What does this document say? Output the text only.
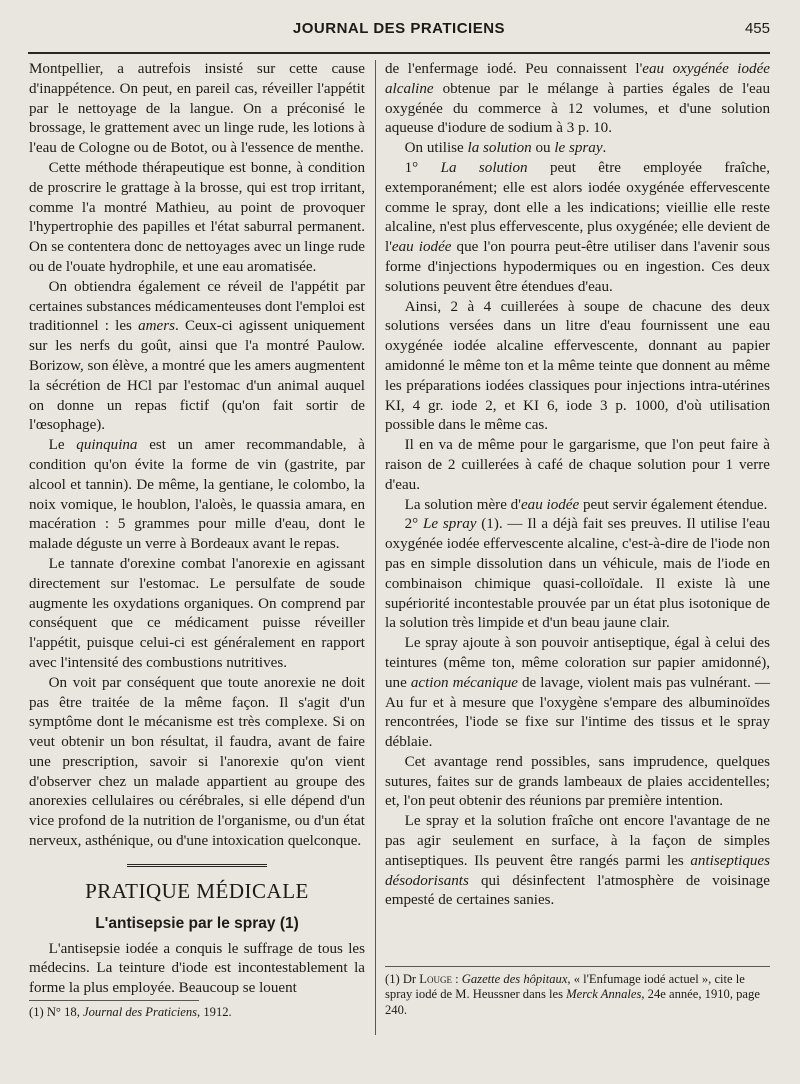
JOURNAL DES PRATICIENS	455

Montpellier, a autrefois insisté sur cette cause d'inappétence. On peut, en pareil cas, réveiller l'appétit par le nettoyage de la langue. On a préconisé le brossage, le grattement avec un linge rude, les lotions à l'eau de Cologne ou de Botot, ou à l'essence de menthe.

Cette méthode thérapeutique est bonne, à condition de proscrire le grattage à la brosse, qui est trop irritant, comme l'a montré Mathieu, au point de provoquer l'hypertrophie des papilles et l'état saburral permanent. On se contentera donc de nettoyages avec un linge rude ou de l'ouate hydrophile, et une eau aromatisée.

On obtiendra également ce réveil de l'appétit par certaines substances médicamenteuses dont l'emploi est traditionnel : les amers. Ceux-ci agissent uniquement sur les nerfs du goût, ainsi que l'a montré Paulow. Borizow, son élève, a montré que les amers augmentent la sécrétion de HCl par l'estomac d'un animal auquel on donne un repas fictif (qu'on fait sortir de l'œsophage).

Le quinquina est un amer recommandable, à condition qu'on évite la forme de vin (gastrite, par alcool et tannin). De même, la gentiane, le colombo, la noix vomique, le houblon, l'aloès, le quassia amara, en macération : 5 grammes pour mille d'eau, dont le malade déguste un verre à Bordeaux avant le repas.

Le tannate d'orexine combat l'anorexie en agissant directement sur l'estomac. Le persulfate de soude augmente les oxydations organiques. On comprend par conséquent que ce médicament puisse réveiller l'appétit, puisque celui-ci est généralement en rapport avec l'intensité des combustions nutritives.

On voit par conséquent que toute anorexie ne doit pas être traitée de la même façon. Il s'agit d'un symptôme dont le mécanisme est très complexe. Si on veut obtenir un bon résultat, il faudra, avant de faire une prescription, savoir si l'anorexie qu'on vient d'observer chez un malade appartient au groupe des anorexies cellulaires ou cérébrales, si elle dépend d'un vice profond de la nutrition de l'organisme, ou d'un état nerveux, asthénique, ou d'une intoxication quelconque.

PRATIQUE MÉDICALE
L'antisepsie par le spray (1)

L'antisepsie iodée a conquis le suffrage de tous les médecins. La teinture d'iode est incontestablement la forme la plus employée. Beaucoup se louent

(1) N° 18, Journal des Praticiens, 1912.

de l'enfermage iodé. Peu connaissent l'eau oxygénée iodée alcaline obtenue par le mélange à parties égales de l'eau oxygénée du commerce à 12 volumes, et d'une solution aqueuse d'iodure de sodium à 3 p. 10.

On utilise la solution ou le spray.

1° La solution peut être employée fraîche, extemporanément; elle est alors iodée oxygénée effervescente comme le spray, dont elle a les indications; vieillie elle reste alcaline, n'est plus effervescente, plus oxygénée; elle devient de l'eau iodée que l'on pourra peut-être utiliser dans l'avenir sous forme d'injections hypodermiques ou en ingestion. Ces deux solutions peuvent être étendues d'eau.

Ainsi, 2 à 4 cuillerées à soupe de chacune des deux solutions versées dans un litre d'eau fournissent une eau oxygénée iodée alcaline effervescente, donnant au papier amidonné le même ton et la même teinte que donnent au même les préparations iodées classiques pour injections intra-utérines KI, 4 gr. iode 2, et KI 6, iode 3 p. 1000, d'où utilisation possible dans le même cas.

Il en va de même pour le gargarisme, que l'on peut faire à raison de 2 cuillerées à café de chaque solution pour 1 verre d'eau.

La solution mère d'eau iodée peut servir également étendue.

2° Le spray (1). — Il a déjà fait ses preuves. Il utilise l'eau oxygénée iodée effervescente alcaline, c'est-à-dire de l'iode non pas en simple dissolution dans un véhicule, mais de l'iode en combinaison chimique quasi-colloïdale. Il existe là une supériorité incontestable prouvée par un état plus isotonique de la solution très limpide et d'un beau jaune clair.

Le spray ajoute à son pouvoir antiseptique, égal à celui des teintures (même ton, même coloration sur papier amidonné), une action mécanique de lavage, violent mais pas vulnérant. — Au fur et à mesure que l'oxygène s'empare des albuminoïdes rencontrées, l'iode se fixe sur l'intime des tissus et le spray déblaie.

Cet avantage rend possibles, sans imprudence, quelques sutures, faites sur de grands lambeaux de plaies accidentelles; et, l'on peut obtenir des réunions par première intention.

Le spray et la solution fraîche ont encore l'avantage de ne pas agir seulement en surface, à la façon de simples antiseptiques. Ils peuvent être rangés parmi les antiseptiques désodorisants qui désinfectent l'atmosphère de voisinage empesté de certaines sanies.

(1) Dr Louge : Gazette des hôpitaux, « l'Enfumage iodé actuel », cite le spray iodé de M. Heussner dans les Merck Annales, 24e année, 1910, page 240.
